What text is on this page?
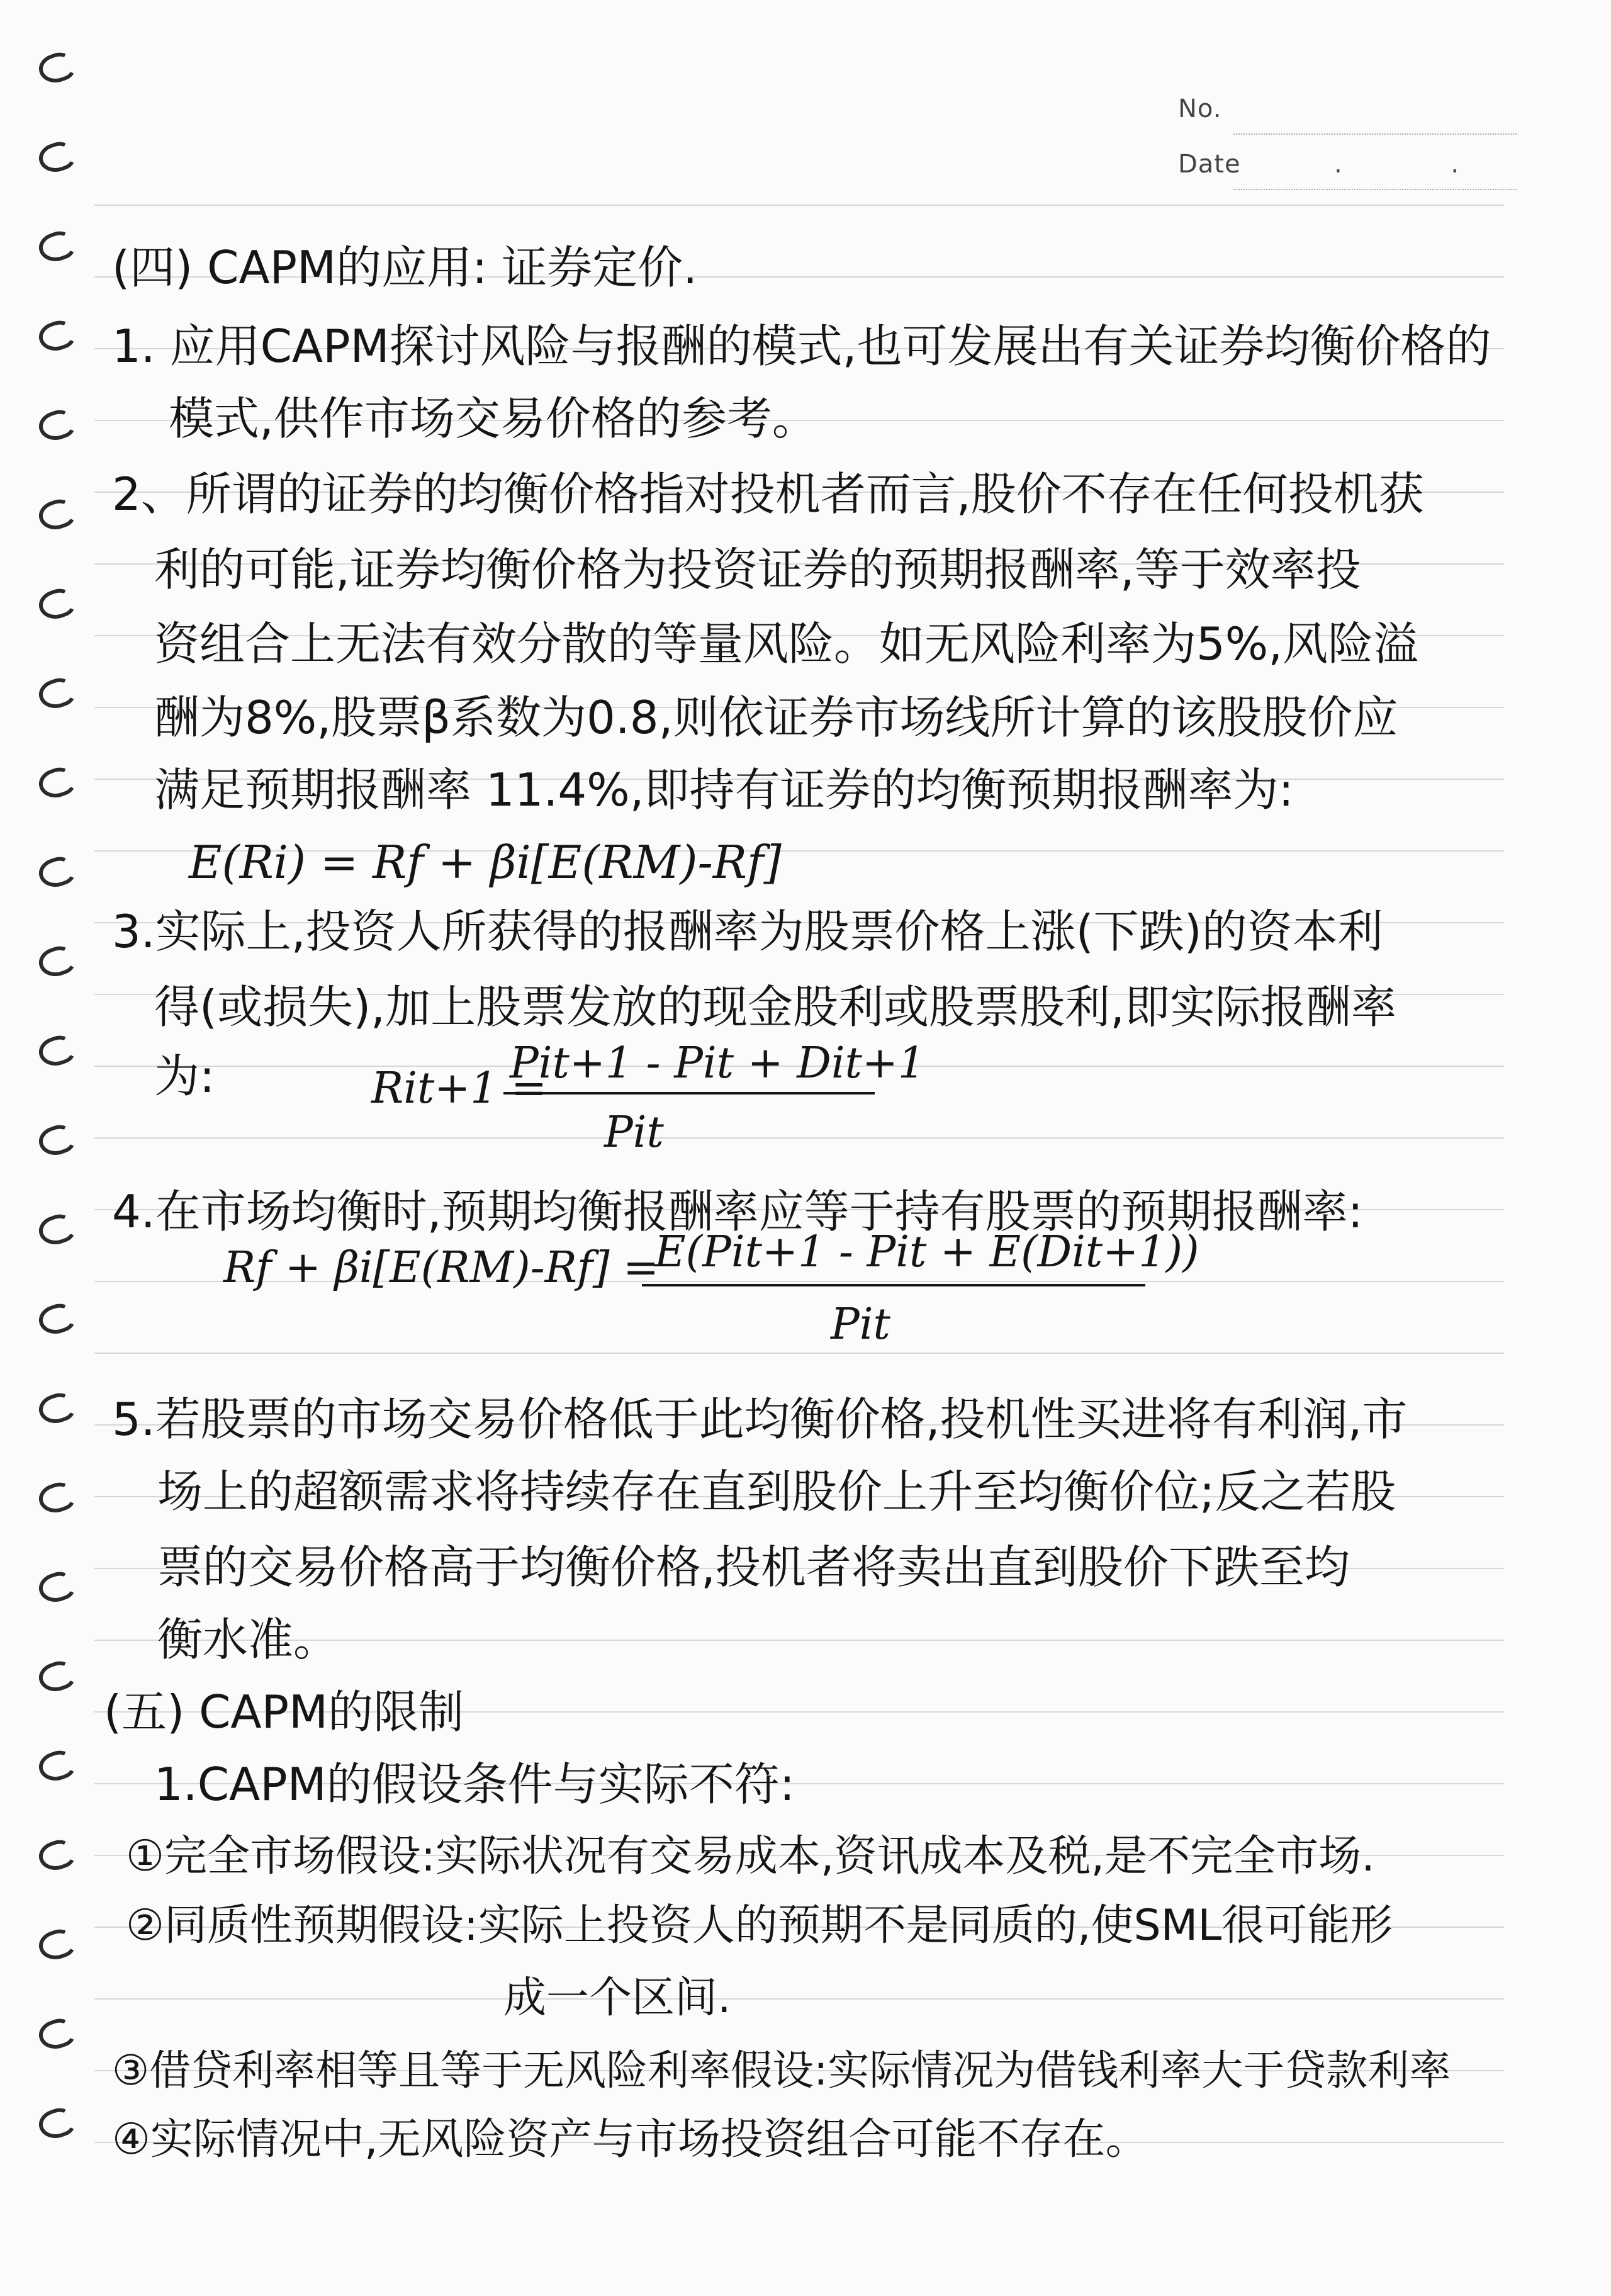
No.
Date	. .
(四) CAPM的应用: 证券定价.
1. 应用CAPM探讨风险与报酬的模式,也可发展出有关证券均衡价格的
模式,供作市场交易价格的参考。
2、所谓的证券的均衡价格指对投机者而言,股价不存在任何投机获
利的可能,证券均衡价格为投资证券的预期报酬率,等于效率投
资组合上无法有效分散的等量风险。如无风险利率为5%,风险溢
酬为8%,股票β系数为0.8,则依证券市场线所计算的该股股价应
满足预期报酬率 11.4%,即持有证券的均衡预期报酬率为:
E(Ri) = Rf + βi[E(RM)-Rf]
3.实际上,投资人所获得的报酬率为股票价格上涨(下跌)的资本利
得(或损失),加上股票发放的现金股利或股票股利,即实际报酬率
为:	Rit+1 =
Pit+1 - Pit + Dit+1
Pit
4.在市场均衡时,预期均衡报酬率应等于持有股票的预期报酬率:
Rf + βi[E(RM)-Rf] =
E(Pit+1 - Pit + E(Dit+1))
Pit
5.若股票的市场交易价格低于此均衡价格,投机性买进将有利润,市
场上的超额需求将持续存在直到股价上升至均衡价位;反之若股
票的交易价格高于均衡价格,投机者将卖出直到股价下跌至均
衡水准。
(五) CAPM的限制
1.CAPM的假设条件与实际不符:
①完全市场假设:实际状况有交易成本,资讯成本及税,是不完全市场.
②同质性预期假设:实际上投资人的预期不是同质的,使SML很可能形
成一个区间.
③借贷利率相等且等于无风险利率假设:实际情况为借钱利率大于贷款利率
④实际情况中,无风险资产与市场投资组合可能不存在。
